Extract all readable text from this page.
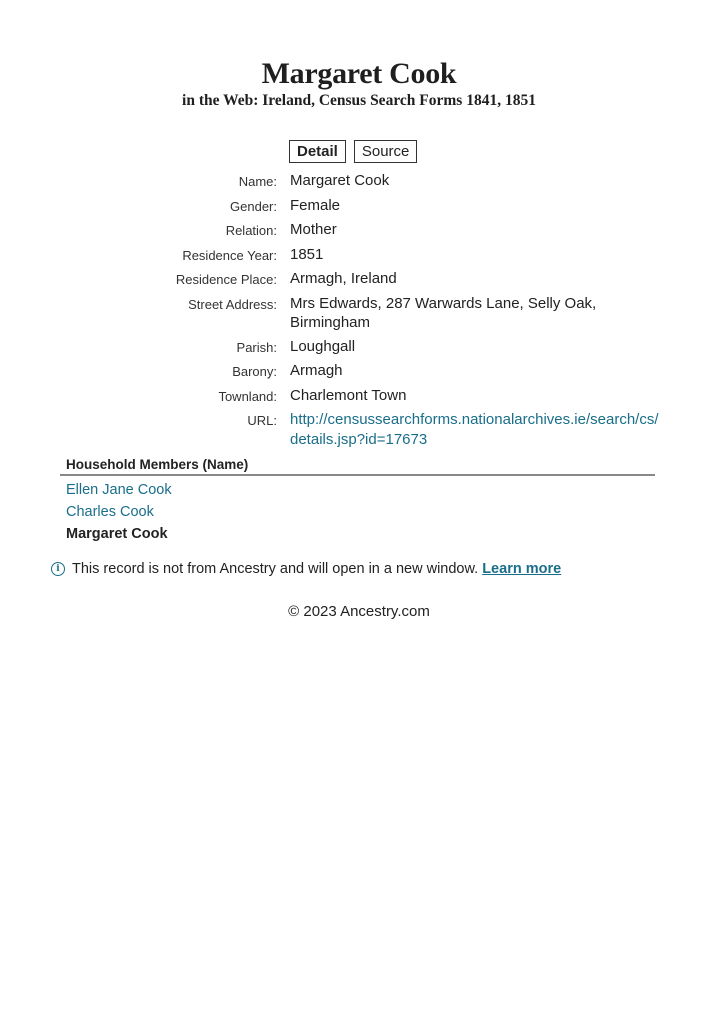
Margaret Cook
in the Web: Ireland, Census Search Forms 1841, 1851
Detail	Source
Name: Margaret Cook
Gender: Female
Relation: Mother
Residence Year: 1851
Residence Place: Armagh, Ireland
Street Address: Mrs Edwards, 287 Warwards Lane, Selly Oak, Birmingham
Parish: Loughgall
Barony: Armagh
Townland: Charlemont Town
URL: http://censussearchforms.nationalarchives.ie/search/cs/details.jsp?id=17673
Household Members (Name)
Ellen Jane Cook
Charles Cook
Margaret Cook
i This record is not from Ancestry and will open in a new window. Learn more
© 2023 Ancestry.com
